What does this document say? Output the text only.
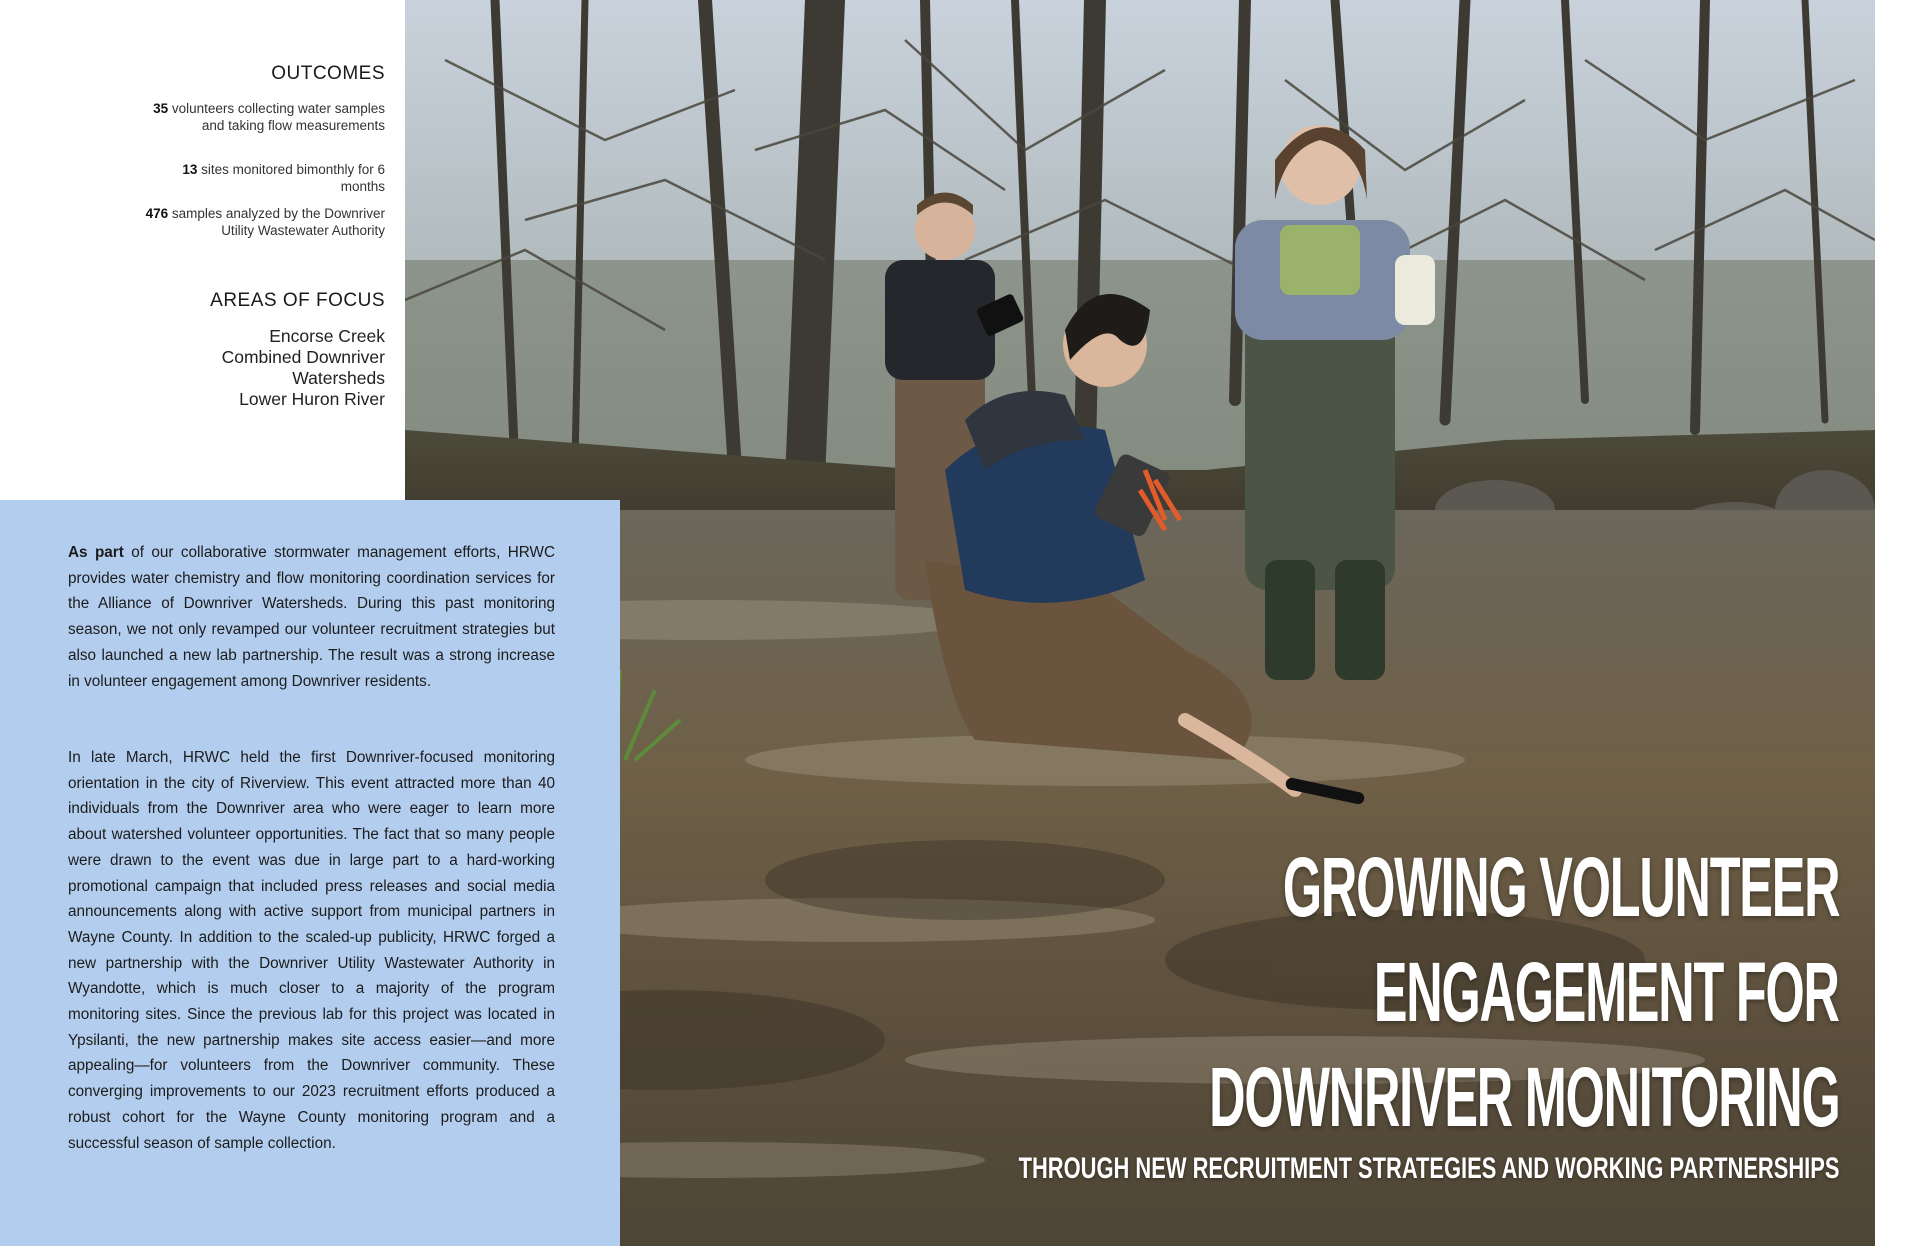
OUTCOMES
35 volunteers collecting water samples and taking flow measurements
13 sites monitored bimonthly for 6 months
476 samples analyzed by the Downriver Utility Wastewater Authority
AREAS OF FOCUS
Encorse Creek
Combined Downriver
Watersheds
Lower Huron River

As part of our collaborative stormwater management efforts, HRWC provides water chemistry and flow monitoring coordination services for the Alliance of Downriver Watersheds. During this past monitoring season, we not only revamped our volunteer recruitment strategies but also launched a new lab partnership. The result was a strong increase in volunteer engagement among Downriver residents.

In late March, HRWC held the first Downriver-focused monitoring orientation in the city of Riverview. This event attracted more than 40 individuals from the Downriver area who were eager to learn more about watershed volunteer opportunities. The fact that so many people were drawn to the event was due in large part to a hard-working promotional campaign that included press releases and social media announcements along with active support from municipal partners in Wayne County. In addition to the scaled-up publicity, HRWC forged a new partnership with the Downriver Utility Wastewater Authority in Wyandotte, which is much closer to a majority of the program monitoring sites. Since the previous lab for this project was located in Ypsilanti, the new partnership makes site access easier—and more appealing—for volunteers from the Downriver community. These converging improvements to our 2023 recruitment efforts produced a robust cohort for the Wayne County monitoring program and a successful season of sample collection.

GROWING VOLUNTEER
ENGAGEMENT FOR
DOWNRIVER MONITORING
THROUGH NEW RECRUITMENT STRATEGIES AND WORKING PARTNERSHIPS
